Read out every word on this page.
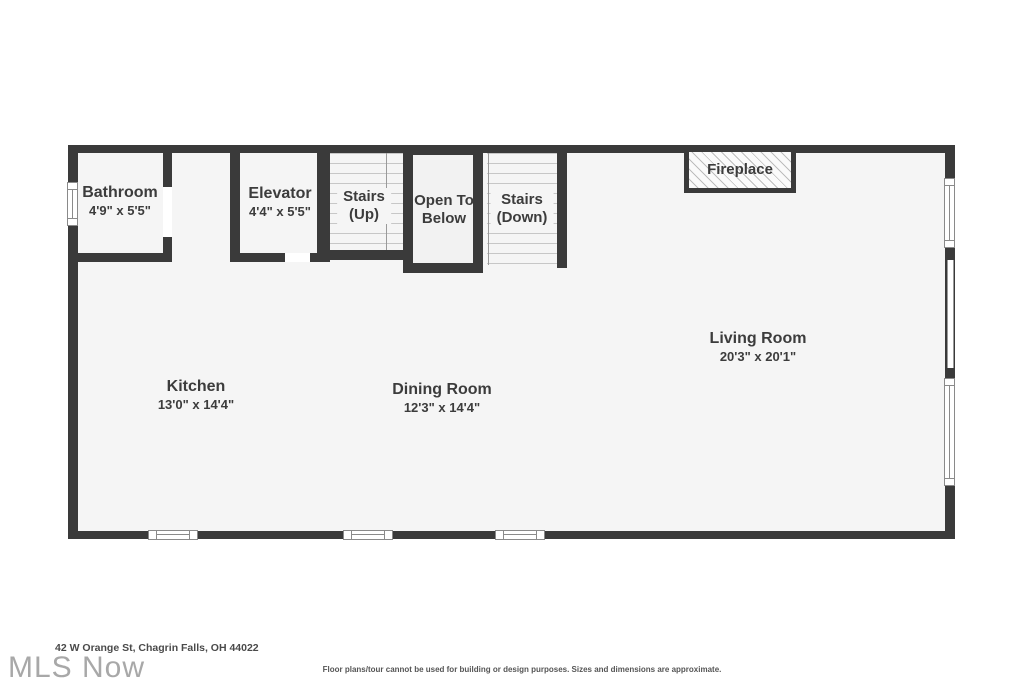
Fireplace
Bathroom
4'9" x 5'5"
Elevator
4'4" x 5'5"
Stairs
(Up)
Open To
Below
Stairs
(Down)
Living Room
20'3" x 20'1"
Kitchen
13'0" x 14'4"
Dining Room
12'3" x 14'4"
42 W Orange St, Chagrin Falls, OH 44022
MLS Now	Floor plans/tour cannot be used for building or design purposes. Sizes and dimensions are approximate.
